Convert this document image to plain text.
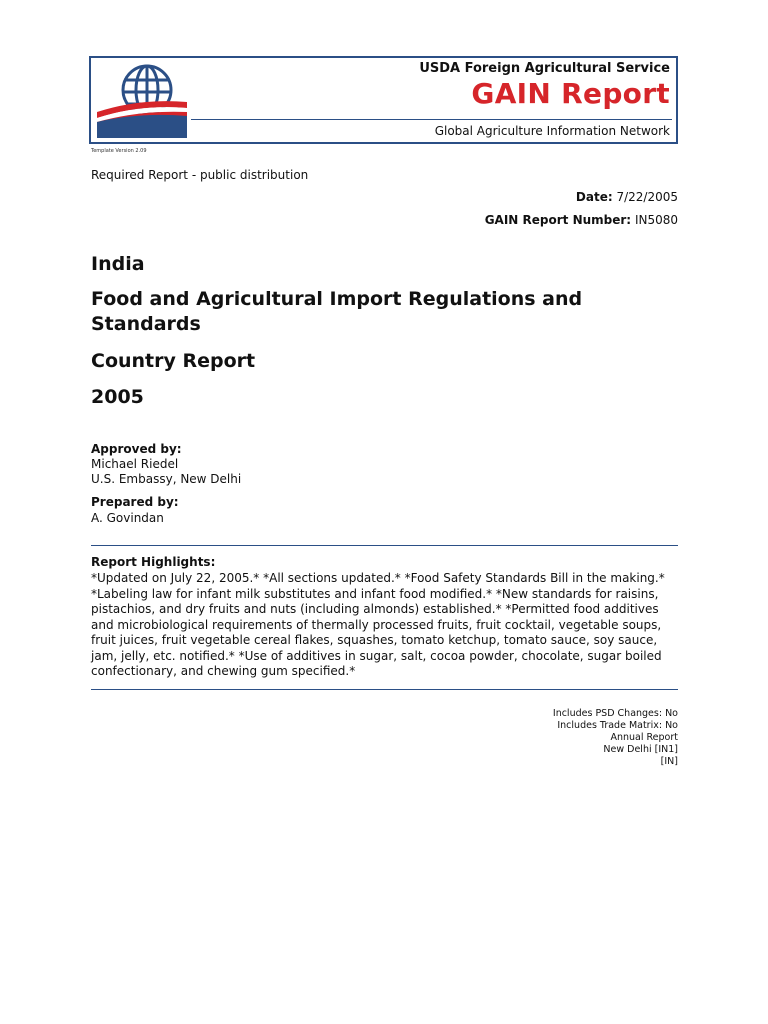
USDA Foreign Agricultural Service
GAIN Report
Global Agriculture Information Network
Template Version 2.09
Required Report - public distribution
Date: 7/22/2005
GAIN Report Number: IN5080
India
Food and Agricultural Import Regulations and Standards
Country Report
2005
Approved by:
Michael Riedel
U.S. Embassy, New Delhi
Prepared by:
A. Govindan
Report Highlights:
*Updated on July 22, 2005.* *All sections updated.* *Food Safety Standards Bill in the making.* *Labeling law for infant milk substitutes and infant food modified.* *New standards for raisins, pistachios, and dry fruits and nuts (including almonds) established.* *Permitted food additives and microbiological requirements of thermally processed fruits, fruit cocktail, vegetable soups, fruit juices, fruit vegetable cereal flakes, squashes, tomato ketchup, tomato sauce, soy sauce, jam, jelly, etc. notified.* *Use of additives in sugar, salt, cocoa powder, chocolate, sugar boiled confectionary, and chewing gum specified.*
Includes PSD Changes: No
Includes Trade Matrix: No
Annual Report
New Delhi [IN1]
[IN]
